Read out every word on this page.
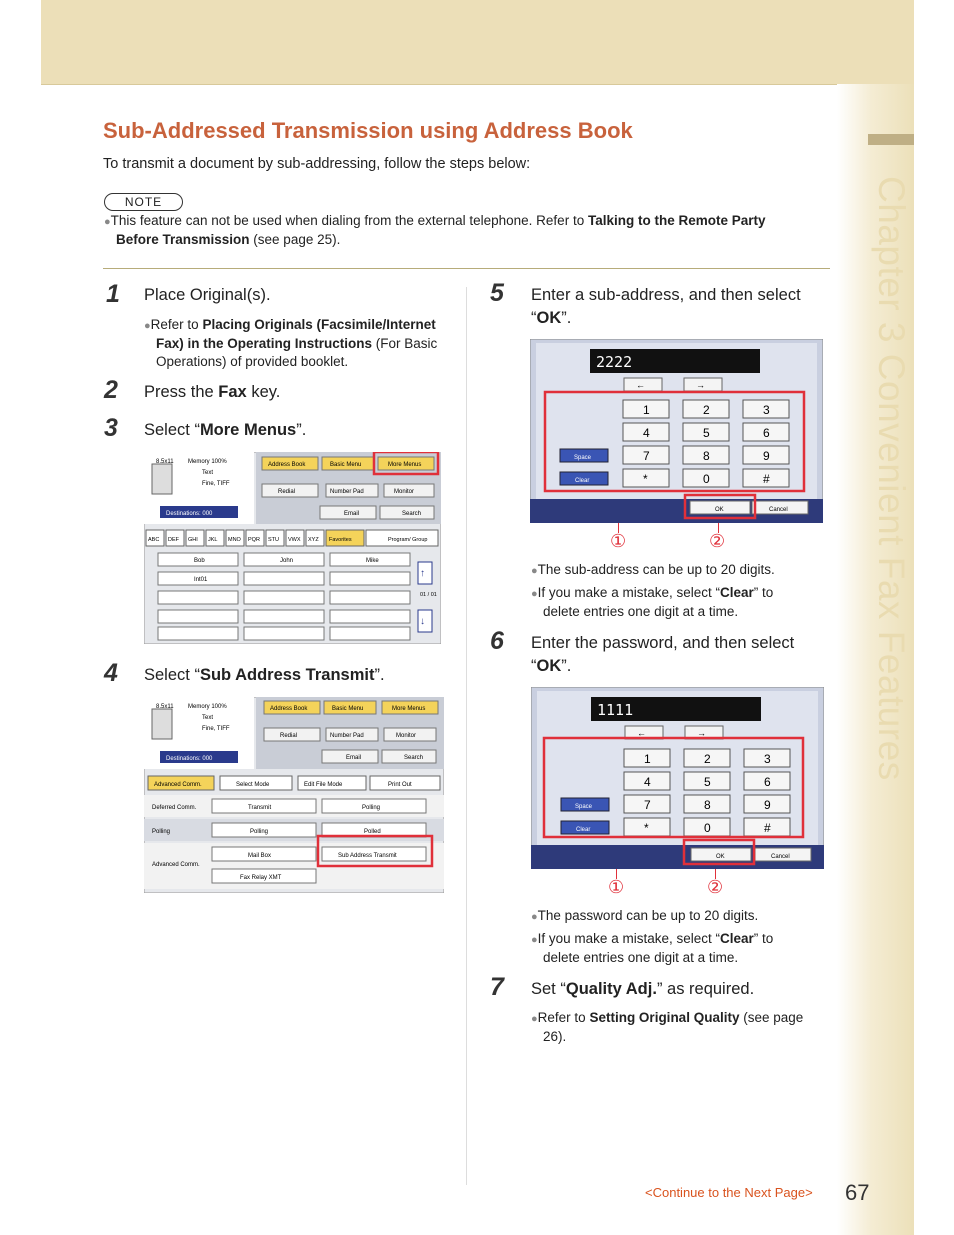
Chapter 3 Convenient Fax Features
Sub-Addressed Transmission using Address Book
To transmit a document by sub-addressing, follow the steps below:
NOTE
●This feature can not be used when dialing from the external telephone. Refer to Talking to the Remote Party
Before Transmission (see page 25).
1 Place Original(s).
●Refer to Placing Originals (Facsimile/Internet
Fax) in the Operating Instructions (For Basic
Operations) of provided booklet.
2 Press the Fax key.
3 Select “More Menus”.
8.5x11 Memory 100%
Text
Fine, TIFF
Destinations: 000
Address Book	Basic Menu	More Menus
Redial	Number Pad	Monitor
Email	Search
ABC DEF GHI JKL MNO PQR STU VWX XYZ Favorites	Program/ Group
Bob	John	Mike
Int01
↑
01 / 01
↓
4 Select “Sub Address Transmit”.
8.5x11 Memory 100%
Text
Fine, TIFF
Destinations: 000
Address Book	Basic Menu	More Menus
Redial	Number Pad	Monitor
Email	Search
Advanced Comm.	Select Mode	Edit File Mode	Print Out
Deferred Comm.	Transmit	Polling
Polling	Polling	Polled
Advanced Comm.
Mail Box	Sub Address Transmit
Fax Relay XMT
5 Enter a sub-address, and then select
“OK”.
2222
←	→
1	2	3
4	5	6
7	8	9
*	0	#
Space
Clear
OK	Cancel
①	②
●The sub-address can be up to 20 digits.
●If you make a mistake, select “Clear” to
delete entries one digit at a time.
6 Enter the password, and then select
“OK”.
1111
←	→
1	2	3
4	5	6
7	8	9
*	0	#
Space
Clear
OK	Cancel
①	②
●The password can be up to 20 digits.
●If you make a mistake, select “Clear” to
delete entries one digit at a time.
7 Set “Quality Adj.” as required.
●Refer to Setting Original Quality (see page
26).
<Continue to the Next Page> 67
